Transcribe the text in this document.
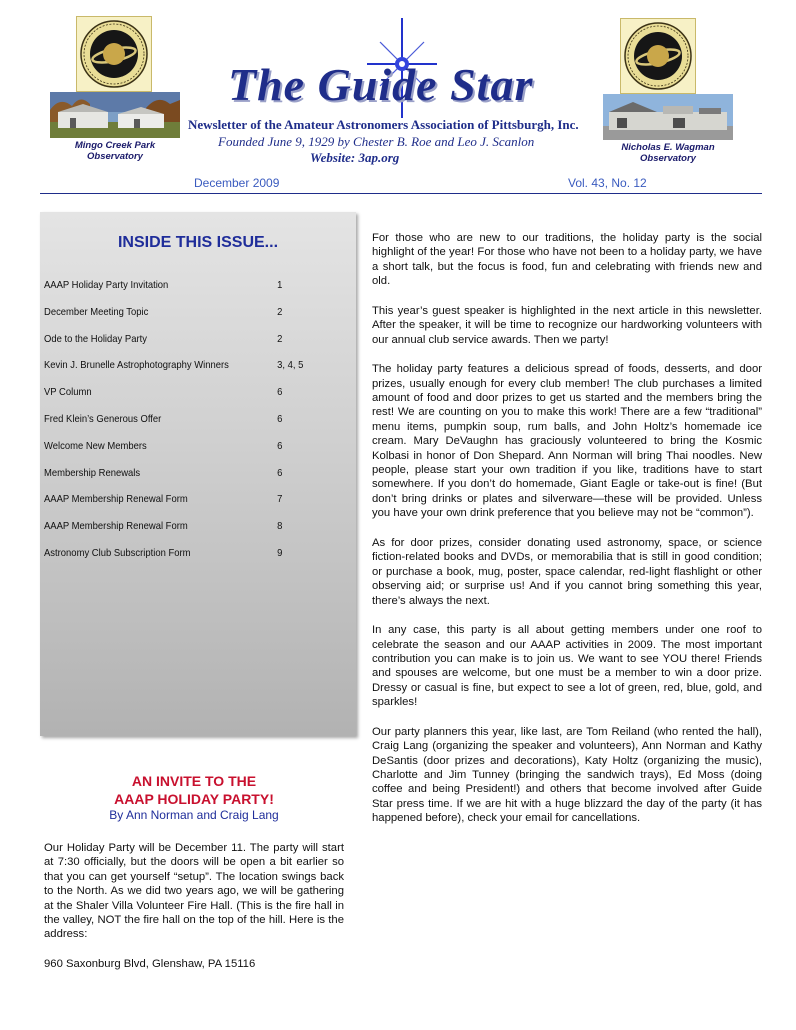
Mingo Creek Park
Observatory
Nicholas E. Wagman
Observatory
The Guide Star
Newsletter of the Amateur Astronomers Association of Pittsburgh, Inc.
Founded June 9, 1929 by Chester B. Roe and Leo J. Scanlon
Website: 3ap.org
December 2009	Vol. 43, No. 12
INSIDE THIS ISSUE...
AAAP Holiday Party Invitation	1
December Meeting Topic	2
Ode to the Holiday Party	2
Kevin J. Brunelle Astrophotography Winners	3, 4, 5
VP Column	6
Fred Klein’s Generous Offer	6
Welcome New Members	6
Membership Renewals	6
AAAP Membership Renewal Form	7
AAAP Membership Renewal Form	8
Astronomy Club Subscription Form	9
AN INVITE TO THE
AAAP HOLIDAY PARTY!
By Ann Norman and Craig Lang
Our Holiday Party will be December 11. The party will start at 7:30 officially, but the doors will be open a bit earlier so that you can get yourself “setup”. The location swings back to the North. As we did two years ago, we will be gathering at the Shaler Villa Volunteer Fire Hall. (This is the fire hall in the valley, NOT the fire hall on the top of the hill. Here is the address:
960 Saxonburg Blvd, Glenshaw, PA 15116

For those who are new to our traditions, the holiday party is the social highlight of the year! For those who have not been to a holiday party, we have a short talk, but the focus is food, fun and celebrating with friends new and old.

This year’s guest speaker is highlighted in the next article in this newsletter. After the speaker, it will be time to recognize our hardworking volunteers with our annual club service awards. Then we party!

The holiday party features a delicious spread of foods, desserts, and door prizes, usually enough for every club member! The club purchases a limited amount of food and door prizes to get us started and the members bring the rest! We are counting on you to make this work! There are a few “traditional” menu items, pumpkin soup, rum balls, and John Holtz’s homemade ice cream. Mary DeVaughn has graciously volunteered to bring the Kosmic Kolbasi in honor of Don Shepard. Ann Norman will bring Thai noodles. New people, please start your own tradition if you like, traditions have to start somewhere. If you don’t do homemade, Giant Eagle or take-out is fine! (But don’t bring drinks or plates and silverware—these will be provided. Unless you have your own drink preference that you believe may not be “common”).

As for door prizes, consider donating used astronomy, space, or science fiction-related books and DVDs, or memorabilia that is still in good condition; or purchase a book, mug, poster, space calendar, red-light flashlight or other observing aid; or surprise us! And if you cannot bring something this year, there’s always the next.

In any case, this party is all about getting members under one roof to celebrate the season and our AAAP activities in 2009. The most important contribution you can make is to join us. We want to see YOU there! Friends and spouses are welcome, but one must be a member to win a door prize. Dressy or casual is fine, but expect to see a lot of green, red, blue, gold, and sparkles!

Our party planners this year, like last, are Tom Reiland (who rented the hall), Craig Lang (organizing the speaker and volunteers), Ann Norman and Kathy DeSantis (door prizes and decorations), Katy Holtz (organizing the music), Charlotte and Jim Tunney (bringing the sandwich trays), Ed Moss (doing coffee and being President!) and others that become involved after Guide Star press time. If we are hit with a huge blizzard the day of the party (it has happened before), check your email for cancellations.
